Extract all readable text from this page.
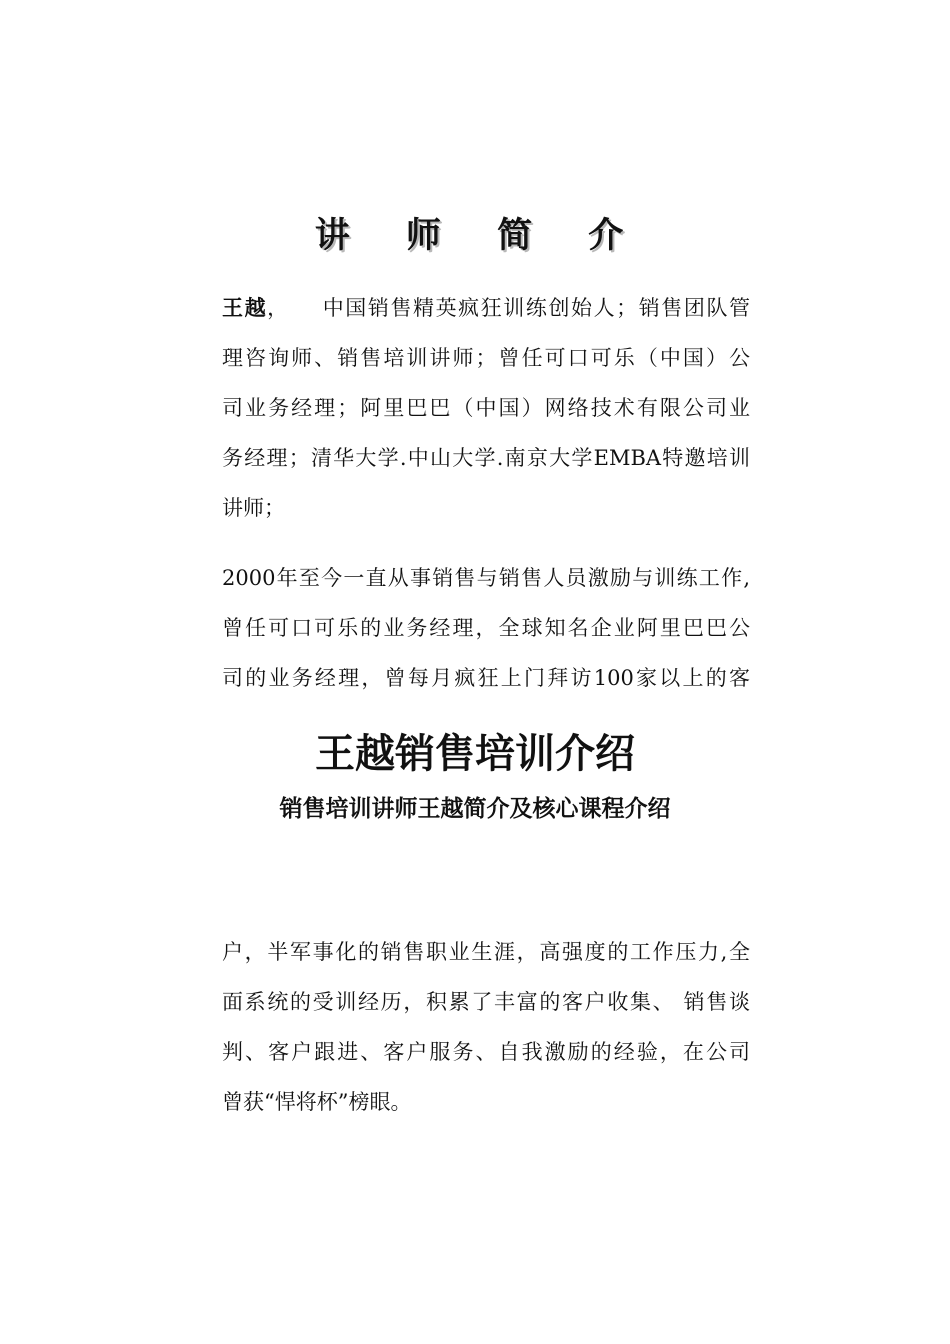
讲 师 简 介
王越，    中国销售精英疯狂训练创始人；销售团队管
理咨询师、销售培训讲师；曾任可口可乐（中国）公
司业务经理；阿里巴巴（中国）网络技术有限公司业
务经理；清华大学.中山大学.南京大学EMBA特邀培训
讲师；
2000年至今一直从事销售与销售人员激励与训练工作,
曾任可口可乐的业务经理，全球知名企业阿里巴巴公
司的业务经理，曾每月疯狂上门拜访100家以上的客
王越销售培训介绍
销售培训讲师王越简介及核心课程介绍
户，半军事化的销售职业生涯，高强度的工作压力,全
面系统的受训经历，积累了丰富的客户收集、 销售谈
判、客户跟进、客户服务、自我激励的经验，在公司
曾获“悍将杯”榜眼。
